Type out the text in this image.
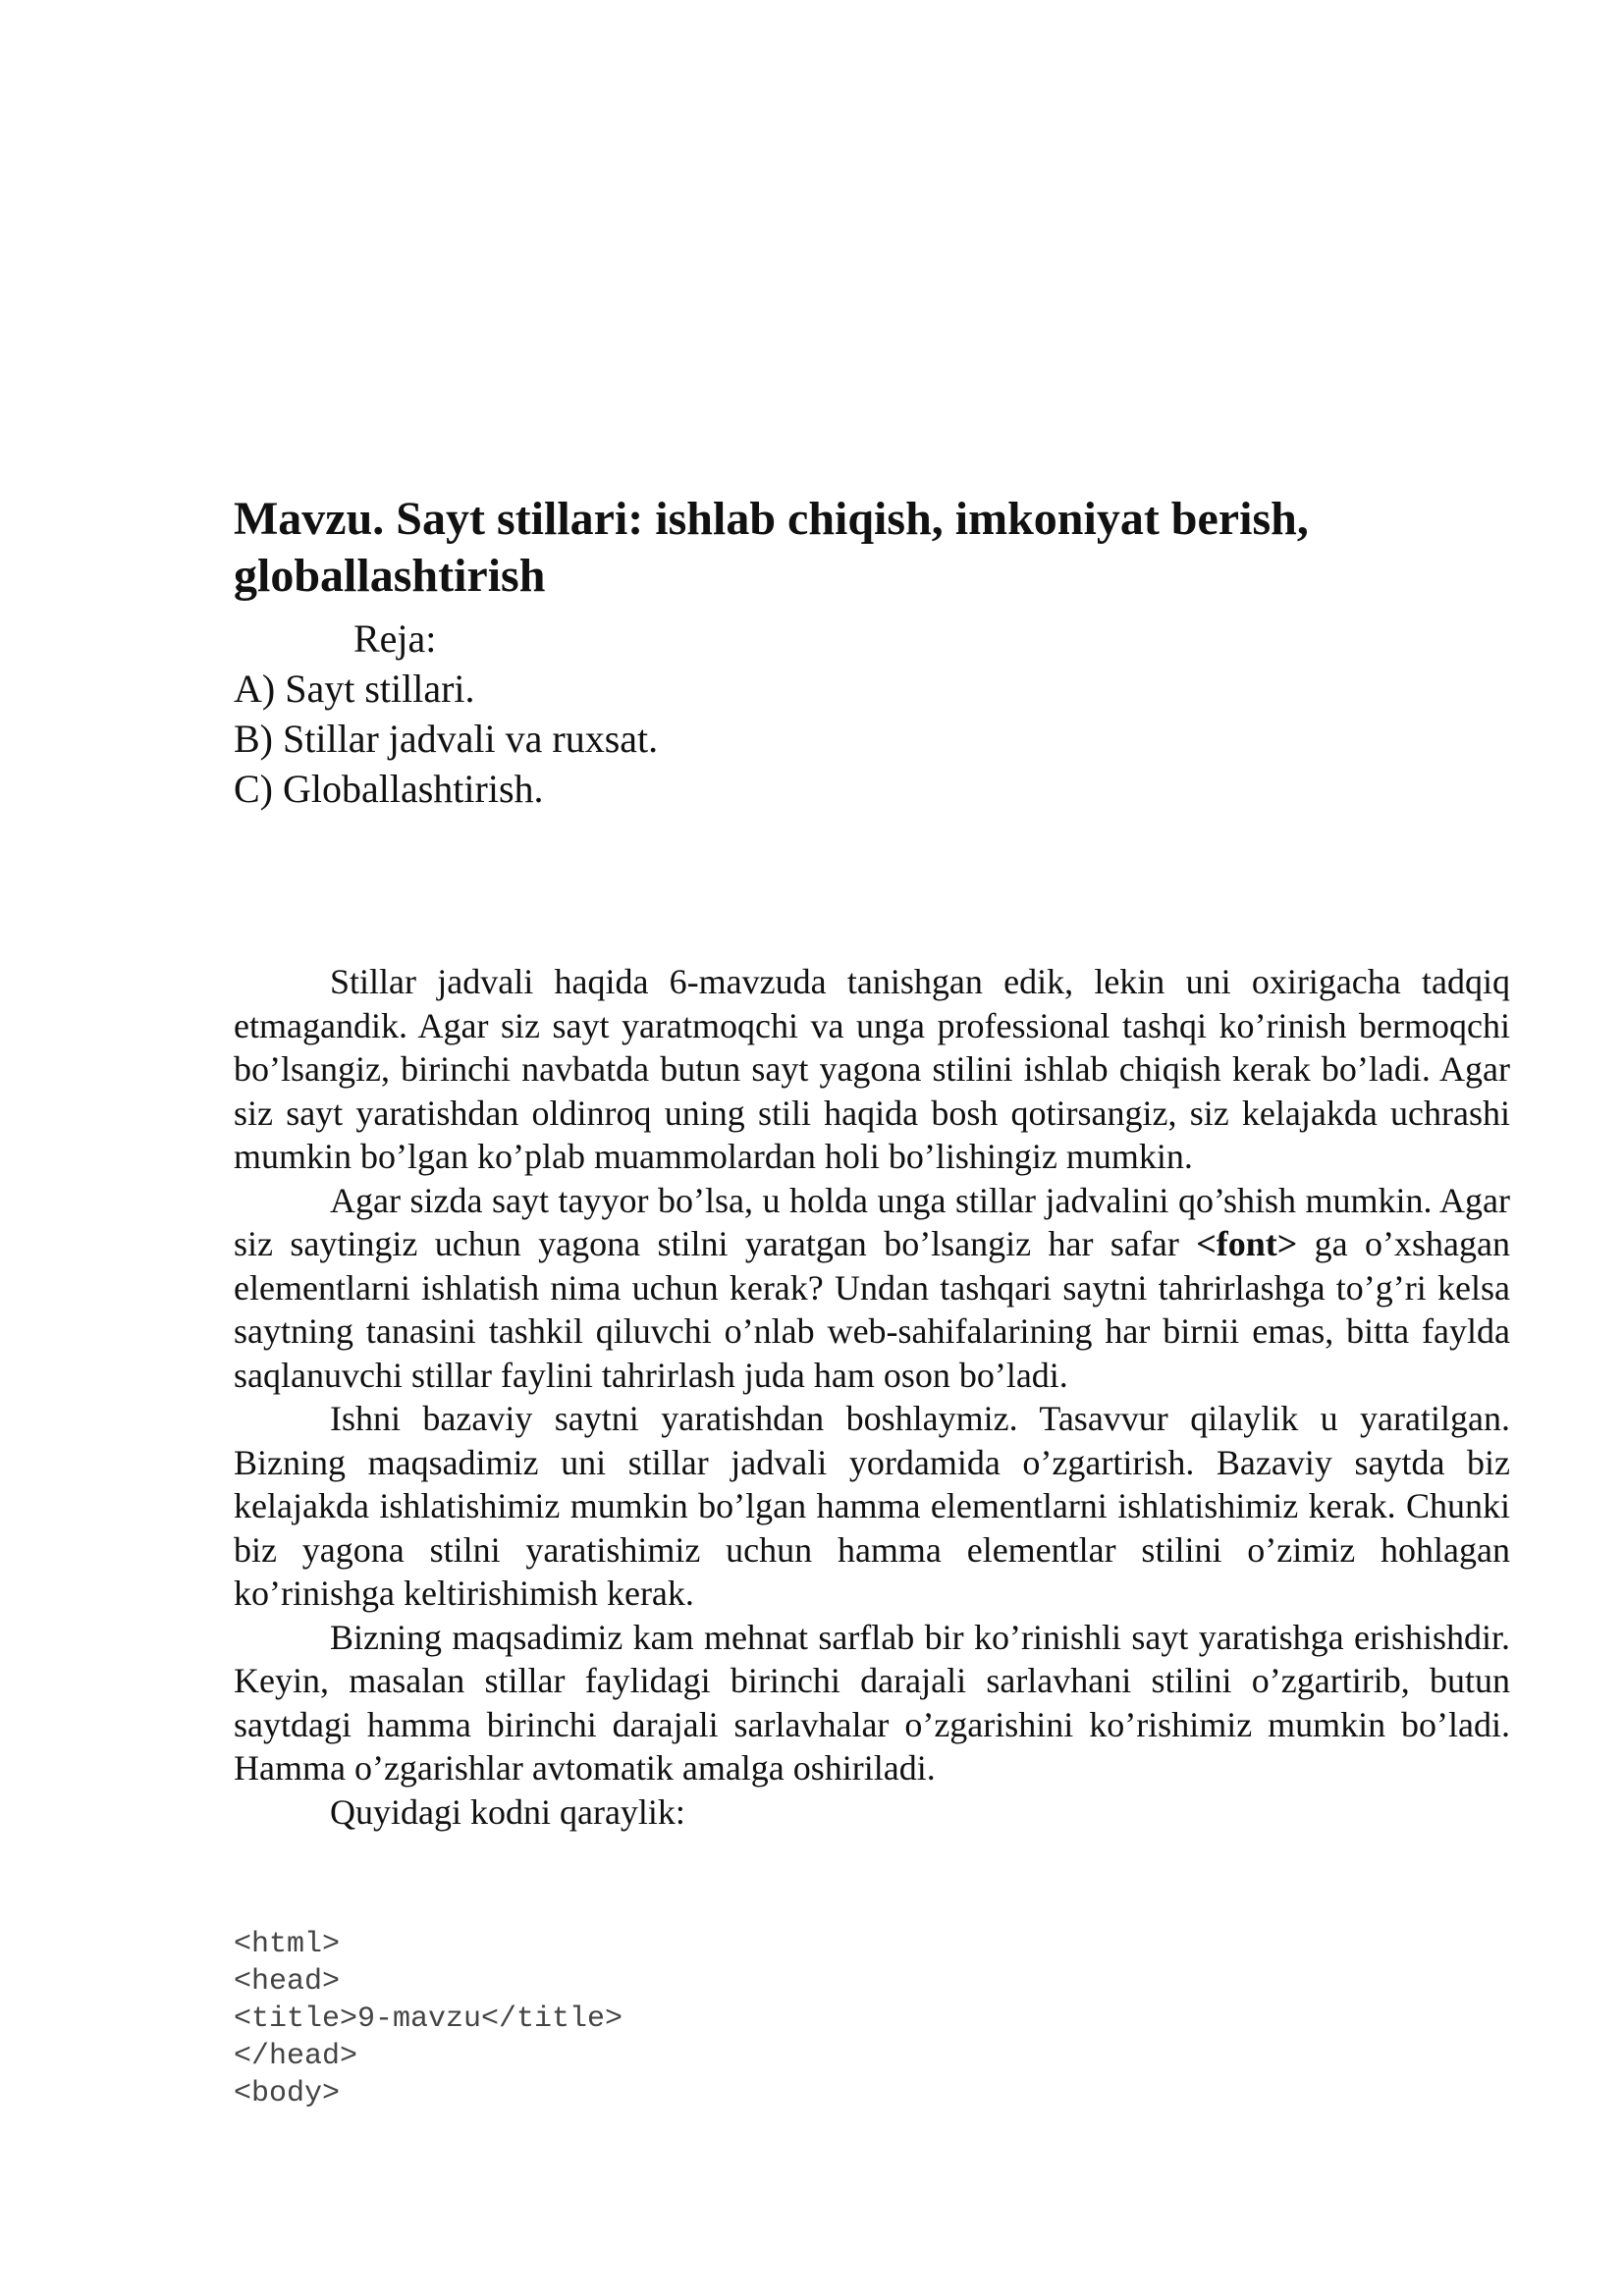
Mavzu. Sayt stillari: ishlab chiqish, imkoniyat berish, globallashtirish
Reja:
A) Sayt stillari.
B) Stillar jadvali va ruxsat.
C) Globallashtirish.

Stillar jadvali haqida 6-mavzuda tanishgan edik, lekin uni oxirigacha tadqiq etmagandik. Agar siz sayt yaratmoqchi va unga professional tashqi ko’rinish bermoqchi bo’lsangiz, birinchi navbatda butun sayt yagona stilini ishlab chiqish kerak bo’ladi. Agar siz sayt yaratishdan oldinroq uning stili haqida bosh qotirsangiz, siz kelajakda uchrashi mumkin bo’lgan ko’plab muammolardan holi bo’lishingiz mumkin.

Agar sizda sayt tayyor bo’lsa, u holda unga stillar jadvalini qo’shish mumkin. Agar siz saytingiz uchun yagona stilni yaratgan bo’lsangiz har safar <font> ga o’xshagan elementlarni ishlatish nima uchun kerak? Undan tashqari saytni tahrirlashga to’g’ri kelsa saytning tanasini tashkil qiluvchi o’nlab web-sahifalarining har birnii emas, bitta faylda saqlanuvchi stillar faylini tahrirlash juda ham oson bo’ladi.

Ishni bazaviy saytni yaratishdan boshlaymiz. Tasavvur qilaylik u yaratilgan. Bizning maqsadimiz uni stillar jadvali yordamida o’zgartirish. Bazaviy saytda biz kelajakda ishlatishimiz mumkin bo’lgan hamma elementlarni ishlatishimiz kerak. Chunki biz yagona stilni yaratishimiz uchun hamma elementlar stilini o’zimiz hohlagan ko’rinishga keltirishimish kerak.

Bizning maqsadimiz kam mehnat sarflab bir ko’rinishli sayt yaratishga erishishdir. Keyin, masalan stillar faylidagi birinchi darajali sarlavhani stilini o’zgartirib, butun saytdagi hamma birinchi darajali sarlavhalar o’zgarishini ko’rishimiz mumkin bo’ladi. Hamma o’zgarishlar avtomatik amalga oshiriladi.

Quyidagi kodni qaraylik:

<html>
<head>
<title>9-mavzu</title>
</head>
<body>
